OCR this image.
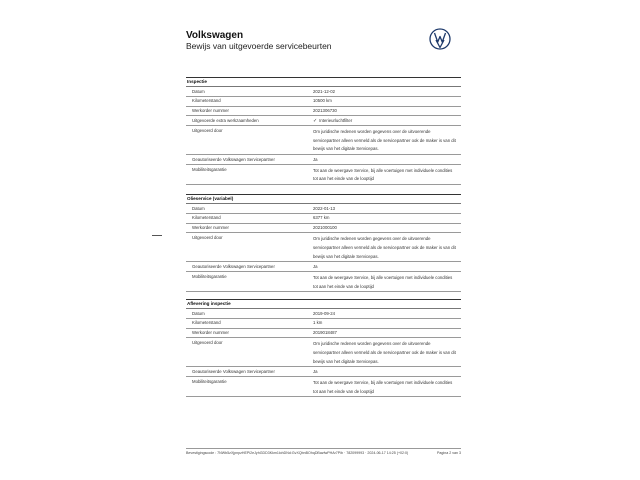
Volkswagen
Bewijs van uitgevoerde servicebeurten
Inspectie
Datum	2021-12-02
Kilometerstand	10500 km
Werkorder nummer	2021306730
Uitgevoerde extra werkzaamheden	✓ Interieurluchtfilter
Uitgevoerd door	Om juridische redenen worden gegevens over de uitvoerende
servicepartner alleen vermeld als de servicepartner ook de maker is van dit
bewijs van het digitale Servicepas.
Geautoriseerde Volkswagen Servicepartner	Ja
Mobiliteitsgarantie	Tot aan de weergave Service, bij alle voertuigen met individuele condities
tot aan het einde van de looptijd
Olieservice (variabel)
Datum	2022-01-13
Kilometerstand	6377 km
Werkorder nummer	2021000100
Uitgevoerd door	Om juridische redenen worden gegevens over de uitvoerende
servicepartner alleen vermeld als de servicepartner ook de maker is van dit
bewijs van het digitale Servicepas.
Geautoriseerde Volkswagen Servicepartner	Ja
Mobiliteitsgarantie	Tot aan de weergave Service, bij alle voertuigen met individuele condities
tot aan het einde van de looptijd
Aflevering inspectie
Datum	2019-09-24
Kilometerstand	1 km
Werkorder nummer	2019018487
Uitgevoerd door	Om juridische redenen worden gegevens over de uitvoerende
servicepartner alleen vermeld als de servicepartner ook de maker is van dit
bewijs van het digitale Servicepas.
Geautoriseerde Volkswagen Servicepartner	Ja
Mobiliteitsgarantie	Tot aan de weergave Service, bij alle voertuigen met individuele condities
tot aan het einde van de looptijd
Bevestigingscode : 7NWb5zXjpnpzHEPi2eJyhGDD3Kkm1lohDNd:GvXQbnBOhqDBazfwPHAr7Pib · 782099993 · 2024-06-17 14:25 (+02:0)	Pagina 2 van 3
